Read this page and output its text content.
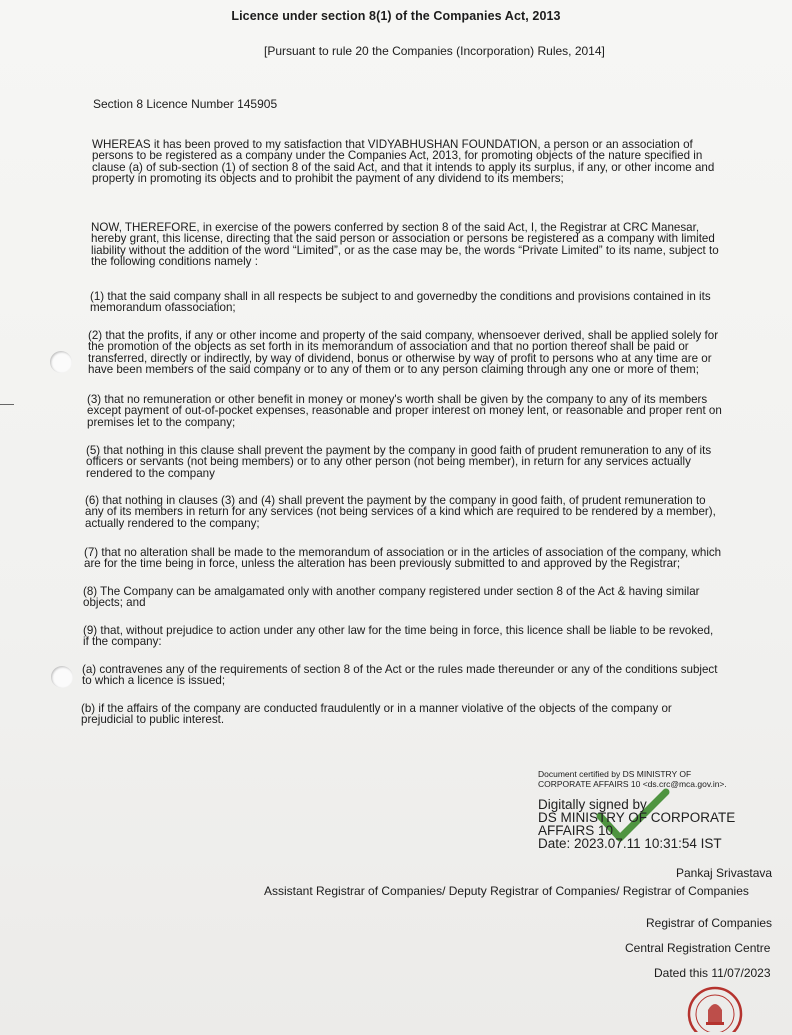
Licence under section 8(1) of the Companies Act, 2013
[Pursuant to rule 20 the Companies (Incorporation) Rules, 2014]
Section 8 Licence Number 145905
WHEREAS it has been proved to my satisfaction that VIDYABHUSHAN FOUNDATION, a person or an association of
persons to be registered as a company under the Companies Act, 2013, for promoting objects of the nature specified in
clause (a) of sub-section (1) of section 8 of the said Act, and that it intends to apply its surplus, if any, or other income and
property in promoting its objects and to prohibit the payment of any dividend to its members;
NOW, THEREFORE, in exercise of the powers conferred by section 8 of the said Act, I, the Registrar at CRC Manesar,
hereby grant, this license, directing that the said person or association or persons be registered as a company with limited
liability without the addition of the word “Limited”, or as the case may be, the words “Private Limited” to its name, subject to
the following conditions namely :
(1) that the said company shall in all respects be subject to and governedby the conditions and provisions contained in its
memorandum ofassociation;
(2) that the profits, if any or other income and property of the said company, whensoever derived, shall be applied solely for
the promotion of the objects as set forth in its memorandum of association and that no portion thereof shall be paid or
transferred, directly or indirectly, by way of dividend, bonus or otherwise by way of profit to persons who at any time are or
have been members of the said company or to any of them or to any person claiming through any one or more of them;
(3) that no remuneration or other benefit in money or money's worth shall be given by the company to any of its members
except payment of out-of-pocket expenses, reasonable and proper interest on money lent, or reasonable and proper rent on
premises let to the company;
(5) that nothing in this clause shall prevent the payment by the company in good faith of prudent remuneration to any of its
officers or servants (not being members) or to any other person (not being member), in return for any services actually
rendered to the company
(6) that nothing in clauses (3) and (4) shall prevent the payment by the company in good faith, of prudent remuneration to
any of its members in return for any services (not being services of a kind which are required to be rendered by a member),
actually rendered to the company;
(7) that no alteration shall be made to the memorandum of association or in the articles of association of the company, which
are for the time being in force, unless the alteration has been previously submitted to and approved by the Registrar;
(8) The Company can be amalgamated only with another company registered under section 8 of the Act & having similar
objects; and
(9) that, without prejudice to action under any other law for the time being in force, this licence shall be liable to be revoked,
if the company:
(a) contravenes any of the requirements of section 8 of the Act or the rules made thereunder or any of the conditions subject
to which a licence is issued;
(b) if the affairs of the company are conducted fraudulently or in a manner violative of the objects of the company or
prejudicial to public interest.
Document certified by DS MINISTRY OF
CORPORATE AFFAIRS 10 <ds.crc@mca.gov.in>.
Digitally signed by
DS MINISTRY OF CORPORATE
AFFAIRS 10
Date: 2023.07.11 10:31:54 IST
Pankaj Srivastava
Assistant Registrar of Companies/ Deputy Registrar of Companies/ Registrar of Companies
Registrar of Companies
Central Registration Centre
Dated this 11/07/2023
